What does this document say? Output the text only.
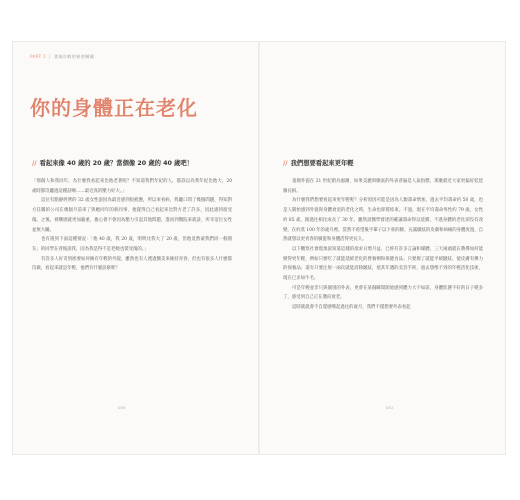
PART 1 | 發現年輕的秘密關鍵
你的身體正在老化
// 看起來像 40 歲的 20 歲？當個像 20 歲的 40 歲吧！

「那個人和我同年，為什麼我看起來比他老著呢？不知道我們年紀的人，都誤以為我年紀比他大，20 歲時都沒聽過這種話啊……最近真的壓力好大。」

這位有點靜經營的 32 歲女性說因為最近感到很疲憊，所以來看病，我聽口問了幾個問題，得知對方任職的公司在幾個月前來了與她同年的新同事，他覺得自己看起來比對方老了許多，因此感到很受傷。之後，被嘲感就更加嚴重，擔心會不會因為壓力引起其他問題，進而到醫院來就診，所幸這位女性並無大礙。

也有遇到下面這種情況：「他 40 歲，我 20 歲，明明比我大了 20 歲，但他竟然蒙我們同一個朋友」的同學在背後說我，因為我是得不是老她也裝受傷的。」

有許多人好奇到底要如何擁有年輕的外貌，雖然也有人透過醫美來維持青春，但也有很多人什麼都沒做，看起來就是年輕，他們有什麼訣竅呢？

// 我們想要看起來更年輕

童顏外貌在 21 世紀蔚為風潮，如果美麗與臉氣的外表普遍是人氣指標，那麼最近大家更偏好娃娃臉長相。

為什麼我們想要看起來更年輕呢？分析原因可能是因為人類壽命增加，過去平均壽命約 50 歲，也是人開始感到外貌與身體衰退的老化之時，生命也即將結束。不過，現在平均壽命男性約 79 歲，女性約 85 歲，跟過往相比成長了 30 年，雖然說醫學發達的確讓壽命得以延續，不過身體的老化卻沒有改變，在約莫 100 年的歲月裡，當然不希望後半輩子以下垂的臉、充滿皺紋的皮膚和病痛的身體度過，自然就想以更青春的臉蛋和身體活得更長久。

以下觀察社會現象說知道這樣的欲求日增月益，已經有許多言論和媒體、三天兩頭就在教導如何能變得更年輕，例如只要吃了就能延緩老化的營養劑和保健食品；只要擦了就能平緩皺紋、使皮膚有彈力的保養品；還有只要注射一兩次就能消除皺紋，使其年邁的美容手術，過去想像不到的年輕活化技術，現在已多如牛毛。

可是年輕並非只與個別的外表，更會在某個瞬間開始感到體力大不如前，身體狀態不好的日子變多了，感受到自己正在邁向衰老。

這時就就會不自覺感嘆起過往的歲月，我們不僅想要外表看起

030	031
